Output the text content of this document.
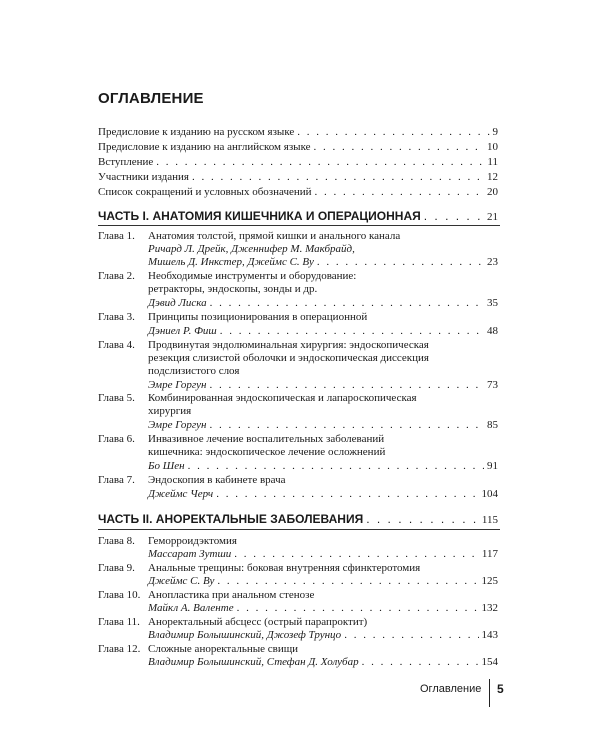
ОГЛАВЛЕНИЕ
Предисловие к изданию на русском языке . . .	9
Предисловие к изданию на английском языке . . .	10
Вступление . . .	11
Участники издания . . .	12
Список сокращений и условных обозначений . . .	20
ЧАСТЬ I. АНАТОМИЯ КИШЕЧНИКА И ОПЕРАЦИОННАЯ . . .	21
Глава 1. Анатомия толстой, прямой кишки и анального канала
Ричард Л. Дрейк, Дженнифер М. Макбрайд,
Мишель Д. Инкстер, Джеймс С. Ву . . .	23
Глава 2. Необходимые инструменты и оборудование:
ретракторы, эндоскопы, зонды и др.
Дэвид Лиска . . .	35
Глава 3. Принципы позиционирования в операционной
Дэниел Р. Фиш . . .	48
Глава 4. Продвинутая эндолюминальная хирургия: эндоскопическая
резекция слизистой оболочки и эндоскопическая диссекция
подслизистого слоя
Эмре Горгун . . .	73
Глава 5. Комбинированная эндоскопическая и лапароскопическая
хирургия
Эмре Горгун . . .	85
Глава 6. Инвазивное лечение воспалительных заболеваний
кишечника: эндоскопическое лечение осложнений
Бо Шен . . .	91
Глава 7. Эндоскопия в кабинете врача
Джеймс Черч . . .	104
ЧАСТЬ II. АНОРЕКТАЛЬНЫЕ ЗАБОЛЕВАНИЯ . . .	115
Глава 8. Геморроидэктомия
Массарат Зутши . . .	117
Глава 9. Анальные трещины: боковая внутренняя сфинктеротомия
Джеймс С. Ву . . .	125
Глава 10. Анопластика при анальном стенозе
Майкл А. Валенте . . .	132
Глава 11. Аноректальный абсцесс (острый парапроктит)
Владимир Болышинский, Джозеф Трунцо . . .	143
Глава 12. Сложные аноректальные свищи
Владимир Болышинский, Стефан Д. Холубар . . .	154
Оглавление 5
